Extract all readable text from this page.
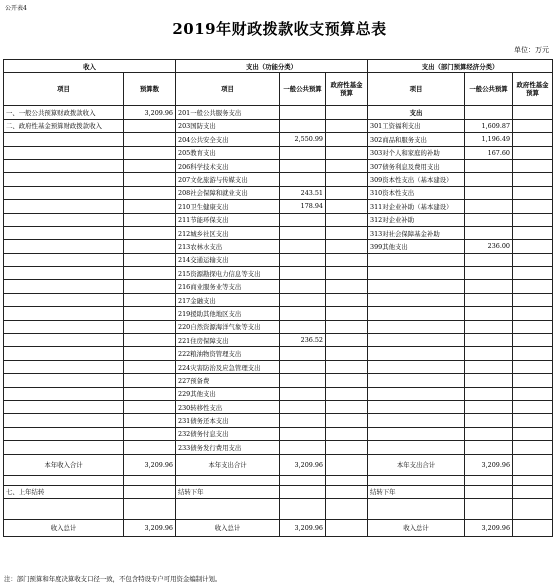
公开表4
2019年财政拨款收支预算总表
单位：万元
收入		支出（功能分类）			支出（部门预算经济分类）		
项目	预算数	项目	一般公共预算	政府性基金预算	项目	一般公共预算	政府性基金预算
一、一般公共预算财政拨款收入	3,209.96	201一般公共服务支出			支出		
二、政府性基金预算财政拨款收入		203国防支出			301工资福利支出	1,609.87	
		204公共安全支出	2,550.99		302商品和服务支出	1,196.49	
		205教育支出			303对个人和家庭的补助	167.60	
		206科学技术支出			307债务利息及费用支出		
		207文化旅游与传媒支出			309资本性支出（基本建设）		
		208社会保障和就业支出	243.51		310资本性支出		
		210卫生健康支出	178.94		311对企业补助（基本建设）		
		211节能环保支出			312对企业补助		
		212城乡社区支出			313对社会保障基金补助		
		213农林水支出			399其他支出	236.00	
		214交通运输支出					
		215资源勘探电力信息等支出					
		216商业服务业等支出					
		217金融支出					
		219援助其他地区支出					
		220自然资源海洋气象等支出					
		221住房保障支出	236.52				
		222粮油物资管理支出					
		224灾害防治及应急管理支出					
		227预备费					
		229其他支出					
		230转移性支出					
		231债务还本支出					
		232债务付息支出					
		233债务发行费用支出					
本年收入合计	3,209.96	本年支出合计	3,209.96		本年支出合计	3,209.96	

七、上年结转		结转下年			结转下年		

收入总计	3,209.96	收入总计	3,209.96		收入总计	3,209.96	
注：部门预算和年度决算收支口径一致，不包含特设专户可用资金编制计划。
